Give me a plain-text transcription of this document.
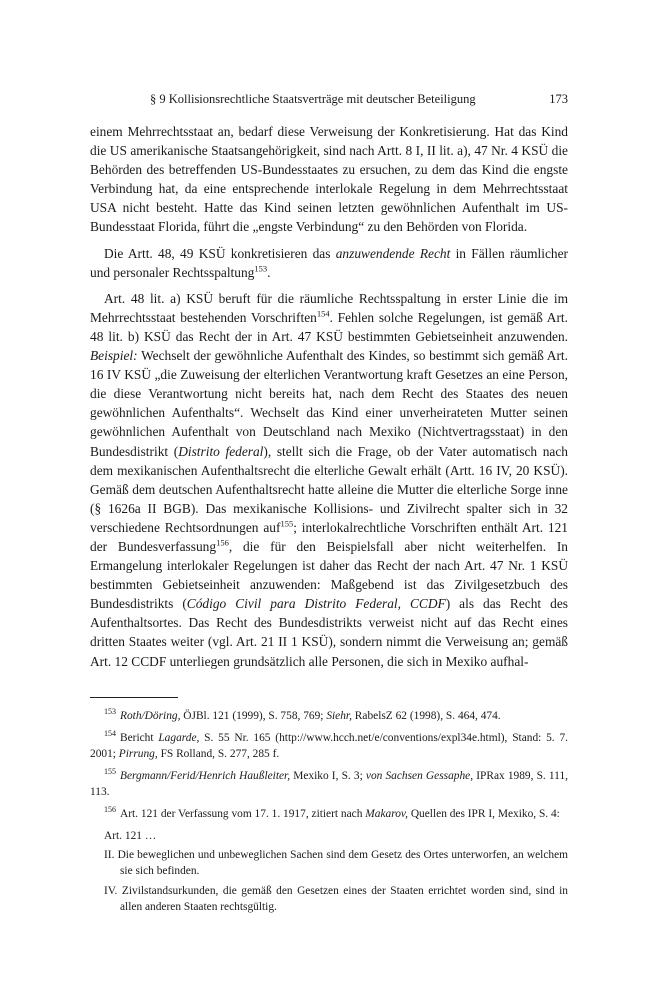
§ 9 Kollisionsrechtliche Staatsverträge mit deutscher Beteiligung	173

einem Mehrrechtsstaat an, bedarf diese Verweisung der Konkretisierung. Hat das Kind die US amerikanische Staatsangehörigkeit, sind nach Artt. 8 I, II lit. a), 47 Nr. 4 KSÜ die Behörden des betreffenden US-Bundesstaates zu ersuchen, zu dem das Kind die engste Verbindung hat, da eine entsprechende interlokale Regelung in dem Mehrrechtsstaat USA nicht besteht. Hatte das Kind seinen letzten gewöhnlichen Aufenthalt im US-Bundesstaat Florida, führt die „engste Verbindung“ zu den Behörden von Florida.

Die Artt. 48, 49 KSÜ konkretisieren das anzuwendende Recht in Fällen räumlicher und personaler Rechtsspaltung$^{153}$.

Art. 48 lit. a) KSÜ beruft für die räumliche Rechtsspaltung in erster Linie die im Mehrrechtsstaat bestehenden Vorschriften$^{154}$. Fehlen solche Regelungen, ist gemäß Art. 48 lit. b) KSÜ das Recht der in Art. 47 KSÜ bestimmten Gebietseinheit anzuwenden. Beispiel: Wechselt der gewöhnliche Aufenthalt des Kindes, so bestimmt sich gemäß Art. 16 IV KSÜ „die Zuweisung der elterlichen Verantwortung kraft Gesetzes an eine Person, die diese Verantwortung nicht bereits hat, nach dem Recht des Staates des neuen gewöhnlichen Aufenthalts“. Wechselt das Kind einer unverheirateten Mutter seinen gewöhnlichen Aufenthalt von Deutschland nach Mexiko (Nichtvertragsstaat) in den Bundesdistrikt (Distrito federal), stellt sich die Frage, ob der Vater automatisch nach dem mexikanischen Aufenthaltsrecht die elterliche Gewalt erhält (Artt. 16 IV, 20 KSÜ). Gemäß dem deutschen Aufenthaltsrecht hatte alleine die Mutter die elterliche Sorge inne (§ 1626a II BGB). Das mexikanische Kollisions- und Zivilrecht spalter sich in 32 verschiedene Rechtsordnungen auf$^{155}$; interlokalrechtliche Vorschriften enthält Art. 121 der Bundesverfassung$^{156}$, die für den Beispielsfall aber nicht weiterhelfen. In Ermangelung interlokaler Regelungen ist daher das Recht der nach Art. 47 Nr. 1 KSÜ bestimmten Gebietseinheit anzuwenden: Maßgebend ist das Zivilgesetzbuch des Bundesdistrikts (Código Civil para Distrito Federal, CCDF) als das Recht des Aufenthaltsortes. Das Recht des Bundesdistrikts verweist nicht auf das Recht eines dritten Staates weiter (vgl. Art. 21 II 1 KSÜ), sondern nimmt die Verweisung an; gemäß Art. 12 CCDF unterliegen grundsätzlich alle Personen, die sich in Mexiko aufhal-

$^{153}$ Roth/Döring, ÖJBl. 121 (1999), S. 758, 769; Siehr, RabelsZ 62 (1998), S. 464, 474.
$^{154}$ Bericht Lagarde, S. 55 Nr. 165 (http://www.hcch.net/e/conventions/expl34e.html), Stand: 5. 7. 2001; Pirrung, FS Rolland, S. 277, 285 f.
$^{155}$ Bergmann/Ferid/Henrich Haußleiter, Mexiko I, S. 3; von Sachsen Gessaphe, IPRax 1989, S. 111, 113.
$^{156}$ Art. 121 der Verfassung vom 17. 1. 1917, zitiert nach Makarov, Quellen des IPR I, Mexiko, S. 4:
Art. 121 …
II. Die beweglichen und unbeweglichen Sachen sind dem Gesetz des Ortes unterworfen, an welchem sie sich befinden.
IV. Zivilstandsurkunden, die gemäß den Gesetzen eines der Staaten errichtet worden sind, sind in allen anderen Staaten rechtsgültig.
